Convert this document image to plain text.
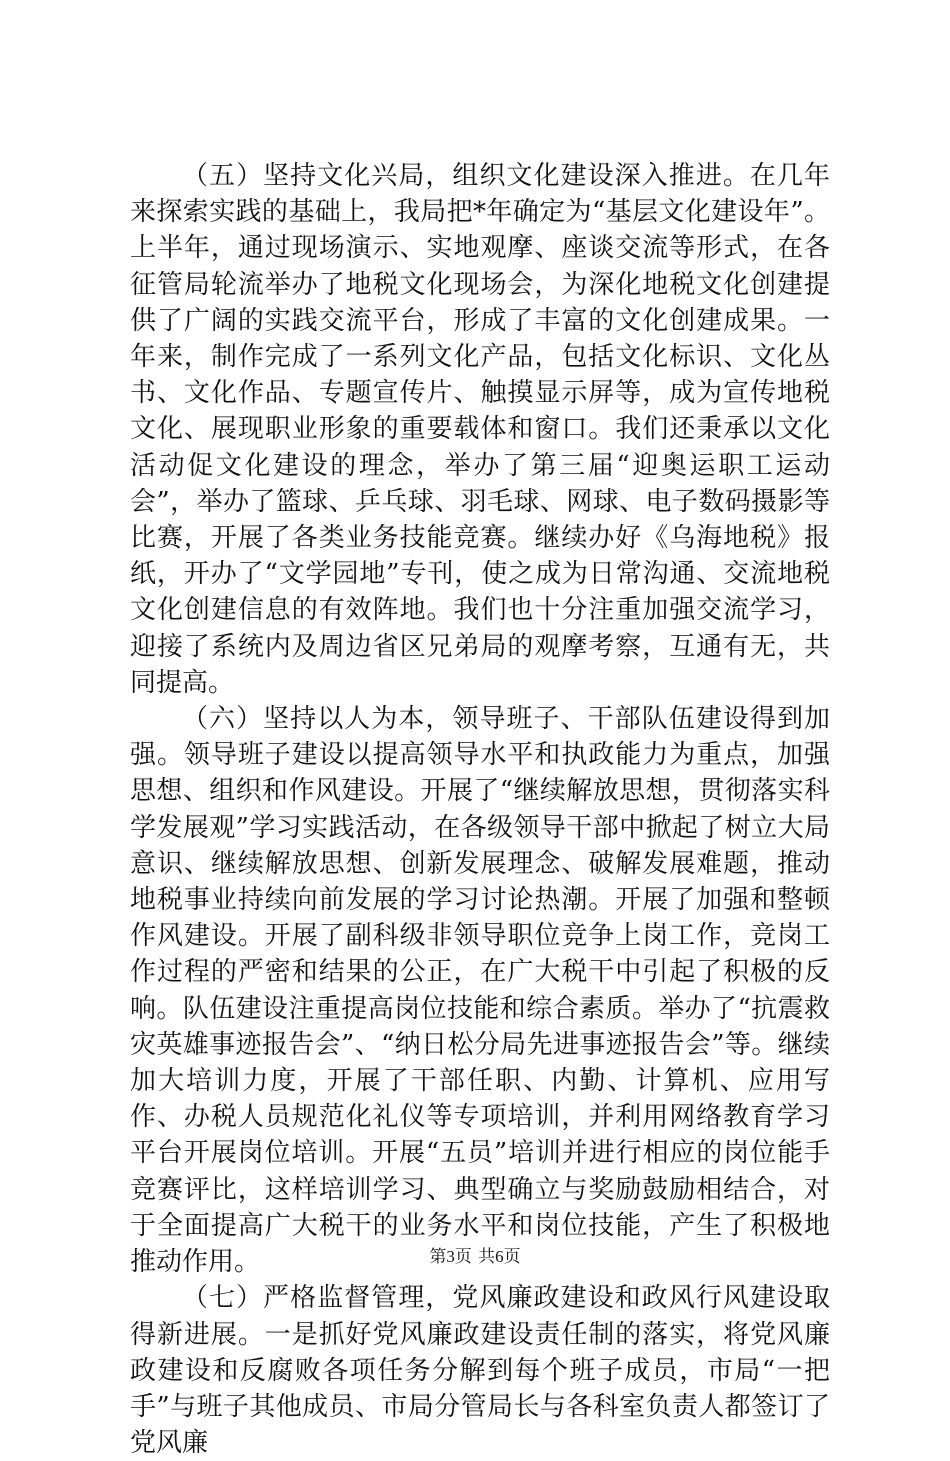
（五）坚持文化兴局，组织文化建设深入推进。在几年来探索实践的基础上，我局把*年确定为“基层文化建设年”。上半年，通过现场演示、实地观摩、座谈交流等形式，在各征管局轮流举办了地税文化现场会，为深化地税文化创建提供了广阔的实践交流平台，形成了丰富的文化创建成果。一年来，制作完成了一系列文化产品，包括文化标识、文化丛书、文化作品、专题宣传片、触摸显示屏等，成为宣传地税文化、展现职业形象的重要载体和窗口。我们还秉承以文化活动促文化建设的理念，举办了第三届“迎奥运职工运动会”，举办了篮球、乒乓球、羽毛球、网球、电子数码摄影等比赛，开展了各类业务技能竞赛。继续办好《乌海地税》报纸，开办了“文学园地”专刊，使之成为日常沟通、交流地税文化创建信息的有效阵地。我们也十分注重加强交流学习，迎接了系统内及周边省区兄弟局的观摩考察，互通有无，共同提高。

（六）坚持以人为本，领导班子、干部队伍建设得到加强。领导班子建设以提高领导水平和执政能力为重点，加强思想、组织和作风建设。开展了“继续解放思想，贯彻落实科学发展观”学习实践活动，在各级领导干部中掀起了树立大局意识、继续解放思想、创新发展理念、破解发展难题，推动地税事业持续向前发展的学习讨论热潮。开展了加强和整顿作风建设。开展了副科级非领导职位竞争上岗工作，竞岗工作过程的严密和结果的公正，在广大税干中引起了积极的反响。队伍建设注重提高岗位技能和综合素质。举办了“抗震救灾英雄事迹报告会”、“纳日松分局先进事迹报告会”等。继续加大培训力度，开展了干部任职、内勤、计算机、应用写作、办税人员规范化礼仪等专项培训，并利用网络教育学习平台开展岗位培训。开展“五员”培训并进行相应的岗位能手竞赛评比，这样培训学习、典型确立与奖励鼓励相结合，对于全面提高广大税干的业务水平和岗位技能，产生了积极地推动作用。

（七）严格监督管理，党风廉政建设和政风行风建设取得新进展。一是抓好党风廉政建设责任制的落实，将党风廉政建设和反腐败各项任务分解到每个班子成员，市局“一把手”与班子其他成员、市局分管局长与各科室负责人都签订了党风廉

第3页 共6页
